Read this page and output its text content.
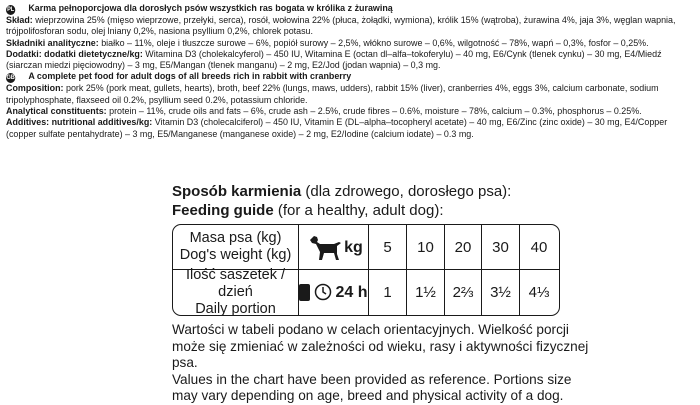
PL Karma pełnoporcjowa dla dorosłych psów wszystkich ras bogata w królika z żurawiną

Skład: wieprzowina 25% (mięso wieprzowe, przełyki, serca), rosół, wołowina 22% (płuca, żołądki, wymiona), królik 15% (wątroba), żurawina 4%, jaja 3%, węglan wapnia, trójpolifosforan sodu, olej lniany 0,2%, nasiona psyllium 0,2%, chlorek potasu.

Składniki analityczne: białko – 11%, oleje i tłuszcze surowe – 6%, popiół surowy – 2,5%, włókno surowe – 0,6%, wilgotność – 78%, wapń – 0,3%, fosfor – 0,25%.

Dodatki: dodatki dietetyczne/kg: Witamina D3 (cholekalcyferol) – 450 IU, Witamina E (octan dl–alfa–tokoferylu) – 40 mg, E6/Cynk (tlenek cynku) – 30 mg, E4/Miedź (siarczan miedzi pięciowodny) – 3 mg, E5/Mangan (tlenek manganu) – 2 mg, E2/Jod (jodan wapnia) – 0,3 mg.

GB A complete pet food for adult dogs of all breeds rich in rabbit with cranberry

Composition: pork 25% (pork meat, gullets, hearts), broth, beef 22% (lungs, maws, udders), rabbit 15% (liver), cranberries 4%, eggs 3%, calcium carbonate, sodium tripolyphosphate, flaxseed oil 0.2%, psyllium seed 0.2%, potassium chloride.

Analytical constituents: protein – 11%, crude oils and fats – 6%, crude ash – 2.5%, crude fibres – 0.6%, moisture – 78%, calcium – 0.3%, phosphorus – 0.25%.

Additives: nutritional additives/kg: Vitamin D3 (cholecalciferol) – 450 IU, Vitamin E (DL–alpha–tocopheryl acetate) – 40 mg, E6/Zinc (zinc oxide) – 30 mg, E4/Copper (copper sulfate pentahydrate) – 3 mg, E5/Manganese (manganese oxide) – 2 mg, E2/Iodine (calcium iodate) – 0.3 mg.

Sposób karmienia (dla zdrowego, dorosłego psa):

Feeding guide (for a healthy, adult dog):

Masa psa (kg)
Dog's weight (kg)	kg	5	10	20	30	40
Ilość saszetek / dzień
Daily portion
24 h	1	1½	2⅔	3½	4⅓

Wartości w tabeli podano w celach orientacyjnych. Wielkość porcji może się zmieniać w zależności od wieku, rasy i aktywności fizycznej psa.

Values in the chart have been provided as reference. Portions size may vary depending on age, breed and physical activity of a dog.
